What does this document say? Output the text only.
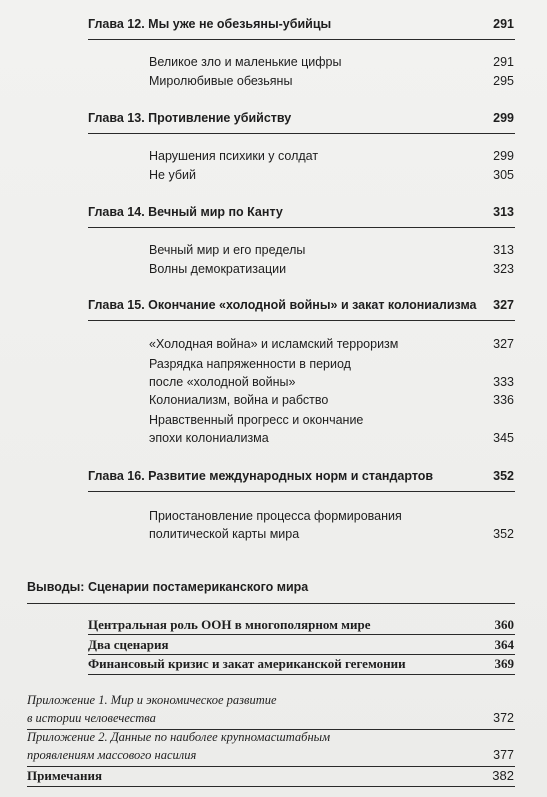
Глава 12. Мы уже не обезьяны-убийцы	291
Великое зло и маленькие цифры	291
Миролюбивые обезьяны	295
Глава 13. Противление убийству	299
Нарушения психики у солдат	299
Не убий	305
Глава 14. Вечный мир по Канту	313
Вечный мир и его пределы	313
Волны демократизации	323
Глава 15. Окончание «холодной войны» и закат колониализма	327
«Холодная война» и исламский терроризм	327
Разрядка напряженности в период
после «холодной войны»	333
Колониализм, война и рабство	336
Нравственный прогресс и окончание
эпохи колониализма	345
Глава 16. Развитие международных норм и стандартов	352
Приостановление процесса формирования
политической карты мира	352
Выводы: Сценарии постамериканского мира
Центральная роль ООН в многополярном мире	360
Два сценария	364
Финансовый кризис и закат американской гегемонии	369
Приложение 1. Мир и экономическое развитие
в истории человечества	372
Приложение 2. Данные по наиболее крупномасштабным
проявлениям массового насилия	377
Примечания	382
